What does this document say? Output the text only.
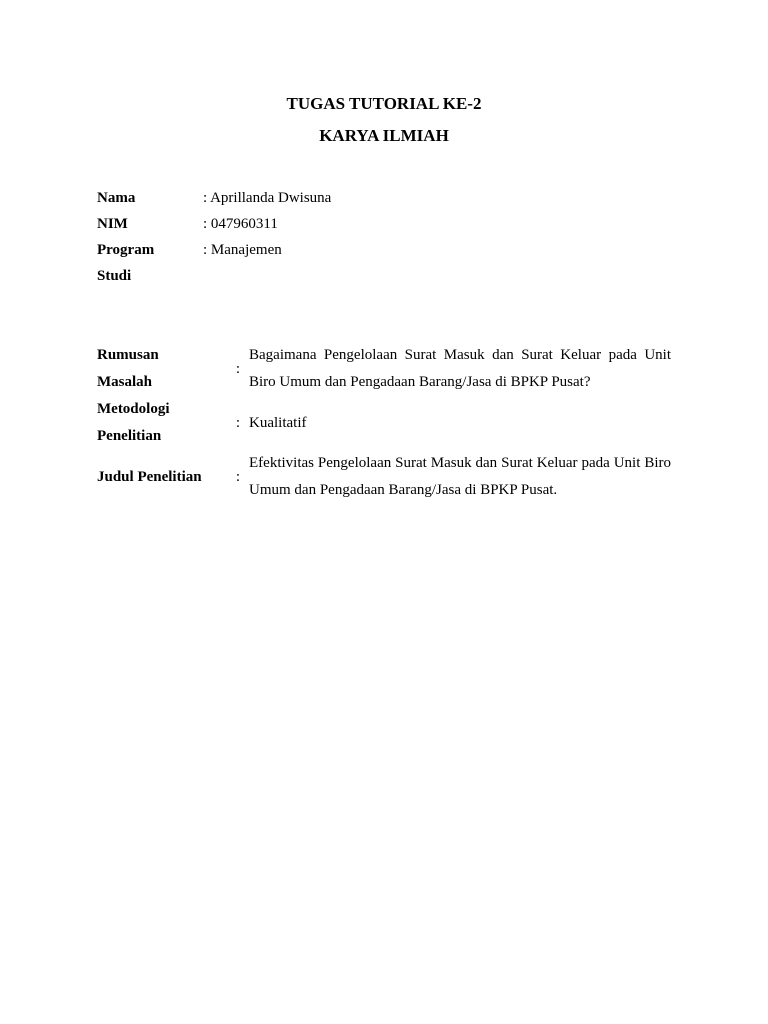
TUGAS TUTORIAL KE-2
KARYA ILMIAH
Nama	: Aprillanda Dwisuna
NIM	: 047960311
Program
Studi	: Manajemen
Rumusan
Masalah	:	Bagaimana Pengelolaan Surat Masuk dan Surat Keluar pada Unit Biro Umum dan Pengadaan Barang/Jasa di BPKP Pusat?

Metodologi
Penelitian	:	Kualitatif
Judul Penelitian	:	Efektivitas Pengelolaan Surat Masuk dan Surat Keluar pada Unit Biro Umum dan Pengadaan Barang/Jasa di BPKP Pusat.
